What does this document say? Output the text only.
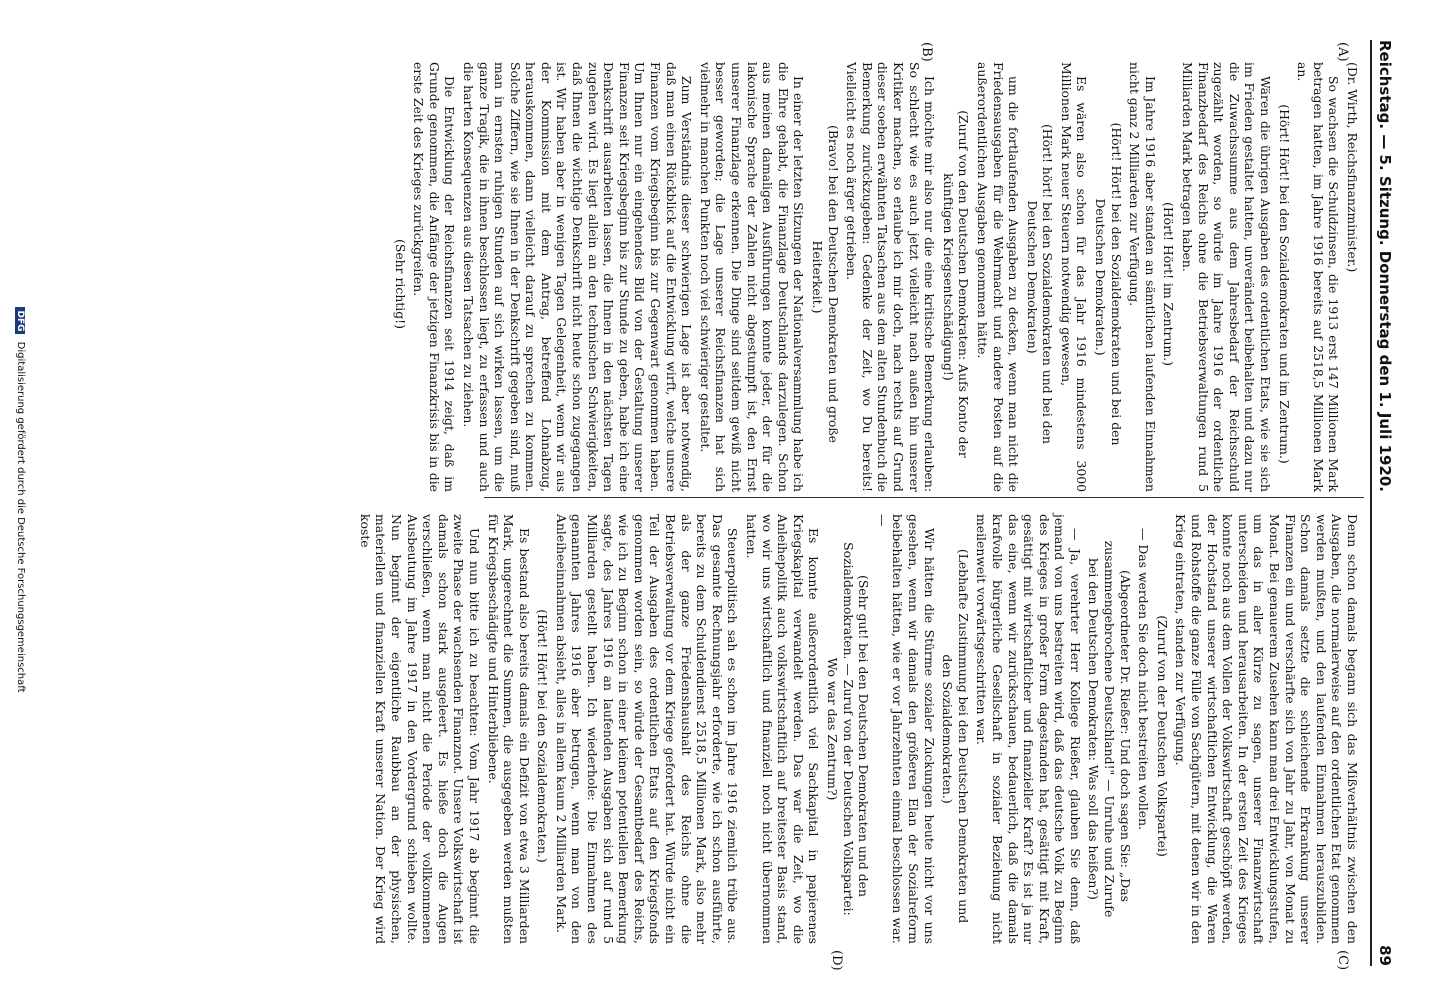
Reichstag. — 5. Sitzung. Donnerstag den 1. Juli 1920.
89
(A)
(B)
(C)
(D)

(Dr. Wirth, Reichsfinanzminister.)

So wachsen die Schuldzinsen, die 1913 erst 147 Millionen Mark betragen hatten, im Jahre 1916 bereits auf 2518,5 Millionen Mark an.

(Hört! Hört! bei den Sozialdemokraten und im Zentrum.)

Wären die übrigen Ausgaben des ordentlichen Etats, wie sie sich im Frieden gestaltet hatten, unverändert beibehalten und dazu nur die Zuwachssumme aus dem Jahresbedarf der Reichsschuld zugezählt worden, so würde im Jahre 1916 der ordentliche Finanzbedarf des Reichs ohne die Betriebsverwaltungen rund 5 Milliarden Mark betragen haben.

(Hört! Hört! im Zentrum.)

Im Jahre 1916 aber standen an sämtlichen laufenden Einnahmen nicht ganz 2 Milliarden zur Verfügung.

(Hört! Hört! bei den Sozialdemokraten und bei den Deutschen Demokraten.)

Es wären also schon für das Jahr 1916 mindestens 3000 Millionen Mark neuer Steuern notwendig gewesen,

(Hört! hört! bei den Sozialdemokraten und bei den Deutschen Demokraten)

um die fortlaufenden Ausgaben zu decken, wenn man nicht die Friedensausgaben für die Wehrmacht und andere Posten auf die außerordentlichen Ausgaben genommen hätte.

(Zuruf von den Deutschen Demokraten: Aufs Konto der künftigen Kriegsentschädigung!)

Ich möchte mir also nur die eine kritische Bemerkung erlauben: So schlecht wie es auch jetzt vielleicht nach außen hin unserer Kritiker machen, so erlaube ich mir doch, nach rechts auf Grund dieser soeben erwähnten Tatsachen aus dem alten Stundenbuch die Bemerkung zurückzugeben: Gedenke der Zeit, wo Du bereits! Vielleicht es noch ärger getrieben.

(Bravo! bei den Deutschen Demokraten und große Heiterkeit.)

In einer der letzten Sitzungen der Nationalversammlung habe ich die Ehre gehabt, die Finanzlage Deutschlands darzulegen. Schon aus meinen damaligen Ausführungen konnte jeder, der für die lakonische Sprache der Zahlen nicht abgestumpft ist, den Ernst unserer Finanzlage erkennen. Die Dinge sind seitdem gewiß nicht besser geworden; die Lage unserer Reichsfinanzen hat sich vielmehr in manchen Punkten noch viel schwieriger gestaltet.

Zum Verständnis dieser schwierigen Lage ist aber notwendig, daß man einen Rückblick auf die Entwicklung wirft, welche unsere Finanzen vom Kriegsbeginn bis zur Gegenwart genommen haben. Um Ihnen nur ein eingehendes Bild von der Gestaltung unserer Finanzen seit Kriegsbeginn bis zur Stunde zu geben, habe ich eine Denkschrift ausarbeiten lassen, die Ihnen in den nächsten Tagen zugehen wird. Es liegt allein an den technischen Schwierigkeiten, daß Ihnen die wichtige Denkschrift nicht heute schon zugegangen ist. Wir haben aber in wenigen Tagen Gelegenheit, wenn wir aus der Kommission mit dem Antrag, betreffend Lohnabzug, herauskommen, dann vielleicht darauf zu sprechen zu kommen. Solche Ziffern, wie sie Ihnen in der Denkschrift gegeben sind, muß man in ernsten ruhigen Stunden auf sich wirken lassen, um die ganze Tragik, die in ihnen beschlossen liegt, zu erfassen und auch die harten Konsequenzen aus diesen Tatsachen zu ziehen.

Die Entwicklung der Reichsfinanzen seit 1914 zeigt, daß im Grunde genommen, die Anfänge der jetzigen Finanzkrisis bis in die erste Zeit des Krieges zurückgreifen.

(Sehr richtig!)

Denn schon damals begann sich das Mißverhältnis zwischen den Ausgaben, die normalerweise auf den ordentlichen Etat genommen werden mußten, und den laufenden Einnahmen herauszubilden. Schon damals setzte die schleichende Erkrankung unserer Finanzen ein und verschärfte sich von Jahr zu Jahr, von Monat zu Monat. Bei genauerem Zusehen kann man drei Entwicklungsstufen, um das in aller Kürze zu sagen, unserer Finanzwirtschaft unterscheiden und herausarbeiten. In der ersten Zeit des Krieges konnte noch aus dem Vollen der Volkswirtschaft geschöpft werden, der Hochstand unserer wirtschaftlichen Entwicklung, die Waren und Rohstoffe die ganze Fülle von Sachgütern, mit denen wir in den Krieg eintraten, standen zur Verfügung.

(Zuruf von der Deutschen Volkspartei)

— Das werden Sie doch nicht bestreiten wollen.

(Abgeordneter Dr. Rießer: Und doch sagen Sie: „Das zusammengebrochene Deutschland!" — Unruhe und Zurufe bei den Deutschen Demokraten: Was soll das heißen?)

— Ja, verehrter Herr Kollege Rießer, glauben Sie denn, daß jemand von uns bestreiten wird, daß das deutsche Volk zu Beginn des Krieges in großer Form dagestanden hat, gesättigt mit Kraft, gesättigt mit wirtschaftlicher und finanzieller Kraft? Es ist ja nur das eine, wenn wir zurückschauen, bedauerlich, daß die damals krafvolle bürgerliche Gesellschaft in sozialer Beziehung nicht meilenweit vorwärtsgeschritten war.

(Lebhafte Zustimmung bei den Deutschen Demokraten und den Sozialdemokraten.)

Wir hätten die Stürme sozialer Zuckungen heute nicht vor uns gesehen, wenn wir damals den größeren Elan der Sozialreform beibehalten hätten, wie er vor Jahrzehnten einmal beschlossen war. —

(Sehr gut! bei den Deutschen Demokraten und den Sozialdemokraten. — Zuruf von der Deutschen Volkspartei: Wo war das Zentrum?)

Es konnte außerordentlich viel Sachkapital in papierenes Kriegskapital verwandelt werden. Das war die Zeit, wo die Anleihepolitik auch volkswirtschaftlich auf breitester Basis stand, wo wir uns wirtschaftlich und finanziell noch nicht übernommen hatten.

Steuerpolitisch sah es schon im Jahre 1916 ziemlich trübe aus. Das gesamte Rechnungsjahr erforderte, wie ich schon ausführte, bereits zu dem Schuldendienst 2518,5 Millionen Mark, also mehr als der ganze Friedenshaushalt des Reichs ohne die Betriebsverwaltung vor dem Kriege gefordert hat. Würde nicht ein Teil der Ausgaben des ordentlichen Etats auf den Kriegsfonds genommen worden sein, so würde der Gesamtbedarf des Reichs, wie ich zu Beginn schon in einer kleinen potentiellen Bemerkung sagte, des Jahres 1916 an laufenden Ausgaben sich auf rund 5 Milliarden gestellt haben. Ich wiederhole: Die Einnahmen des genannten Jahres 1916 aber betrugen, wenn man von den Anleiheeinnahmen absieht, alles in allem kaum 2 Milliarden Mark.

(Hört! Hört! bei den Sozialdemokraten.)

Es bestand also bereits damals ein Defizit von etwa 3 Milliarden Mark, ungerechnet die Summen, die ausgegeben werden mußten für Kriegsbeschädigte und Hinterbliebene.

Und nun bitte ich zu beachten: Vom Jahr 1917 ab beginnt die zweite Phase der wachsenden Finanznot. Unsere Volkswirtschaft ist damals schon stark ausgeleert. Es hieße doch die Augen verschließen, wenn man nicht die Periode der vollkommenen Ausbeutung im Jahre 1917 in den Vordergrund schieben wollte. Nun beginnt der eigentliche Raubbau an der physischen, materiellen und finanziellen Kraft unserer Nation. Der Krieg wird koste

DFG Digitalisierung gefördert durch die Deutsche Forschungsgemeinschaft
